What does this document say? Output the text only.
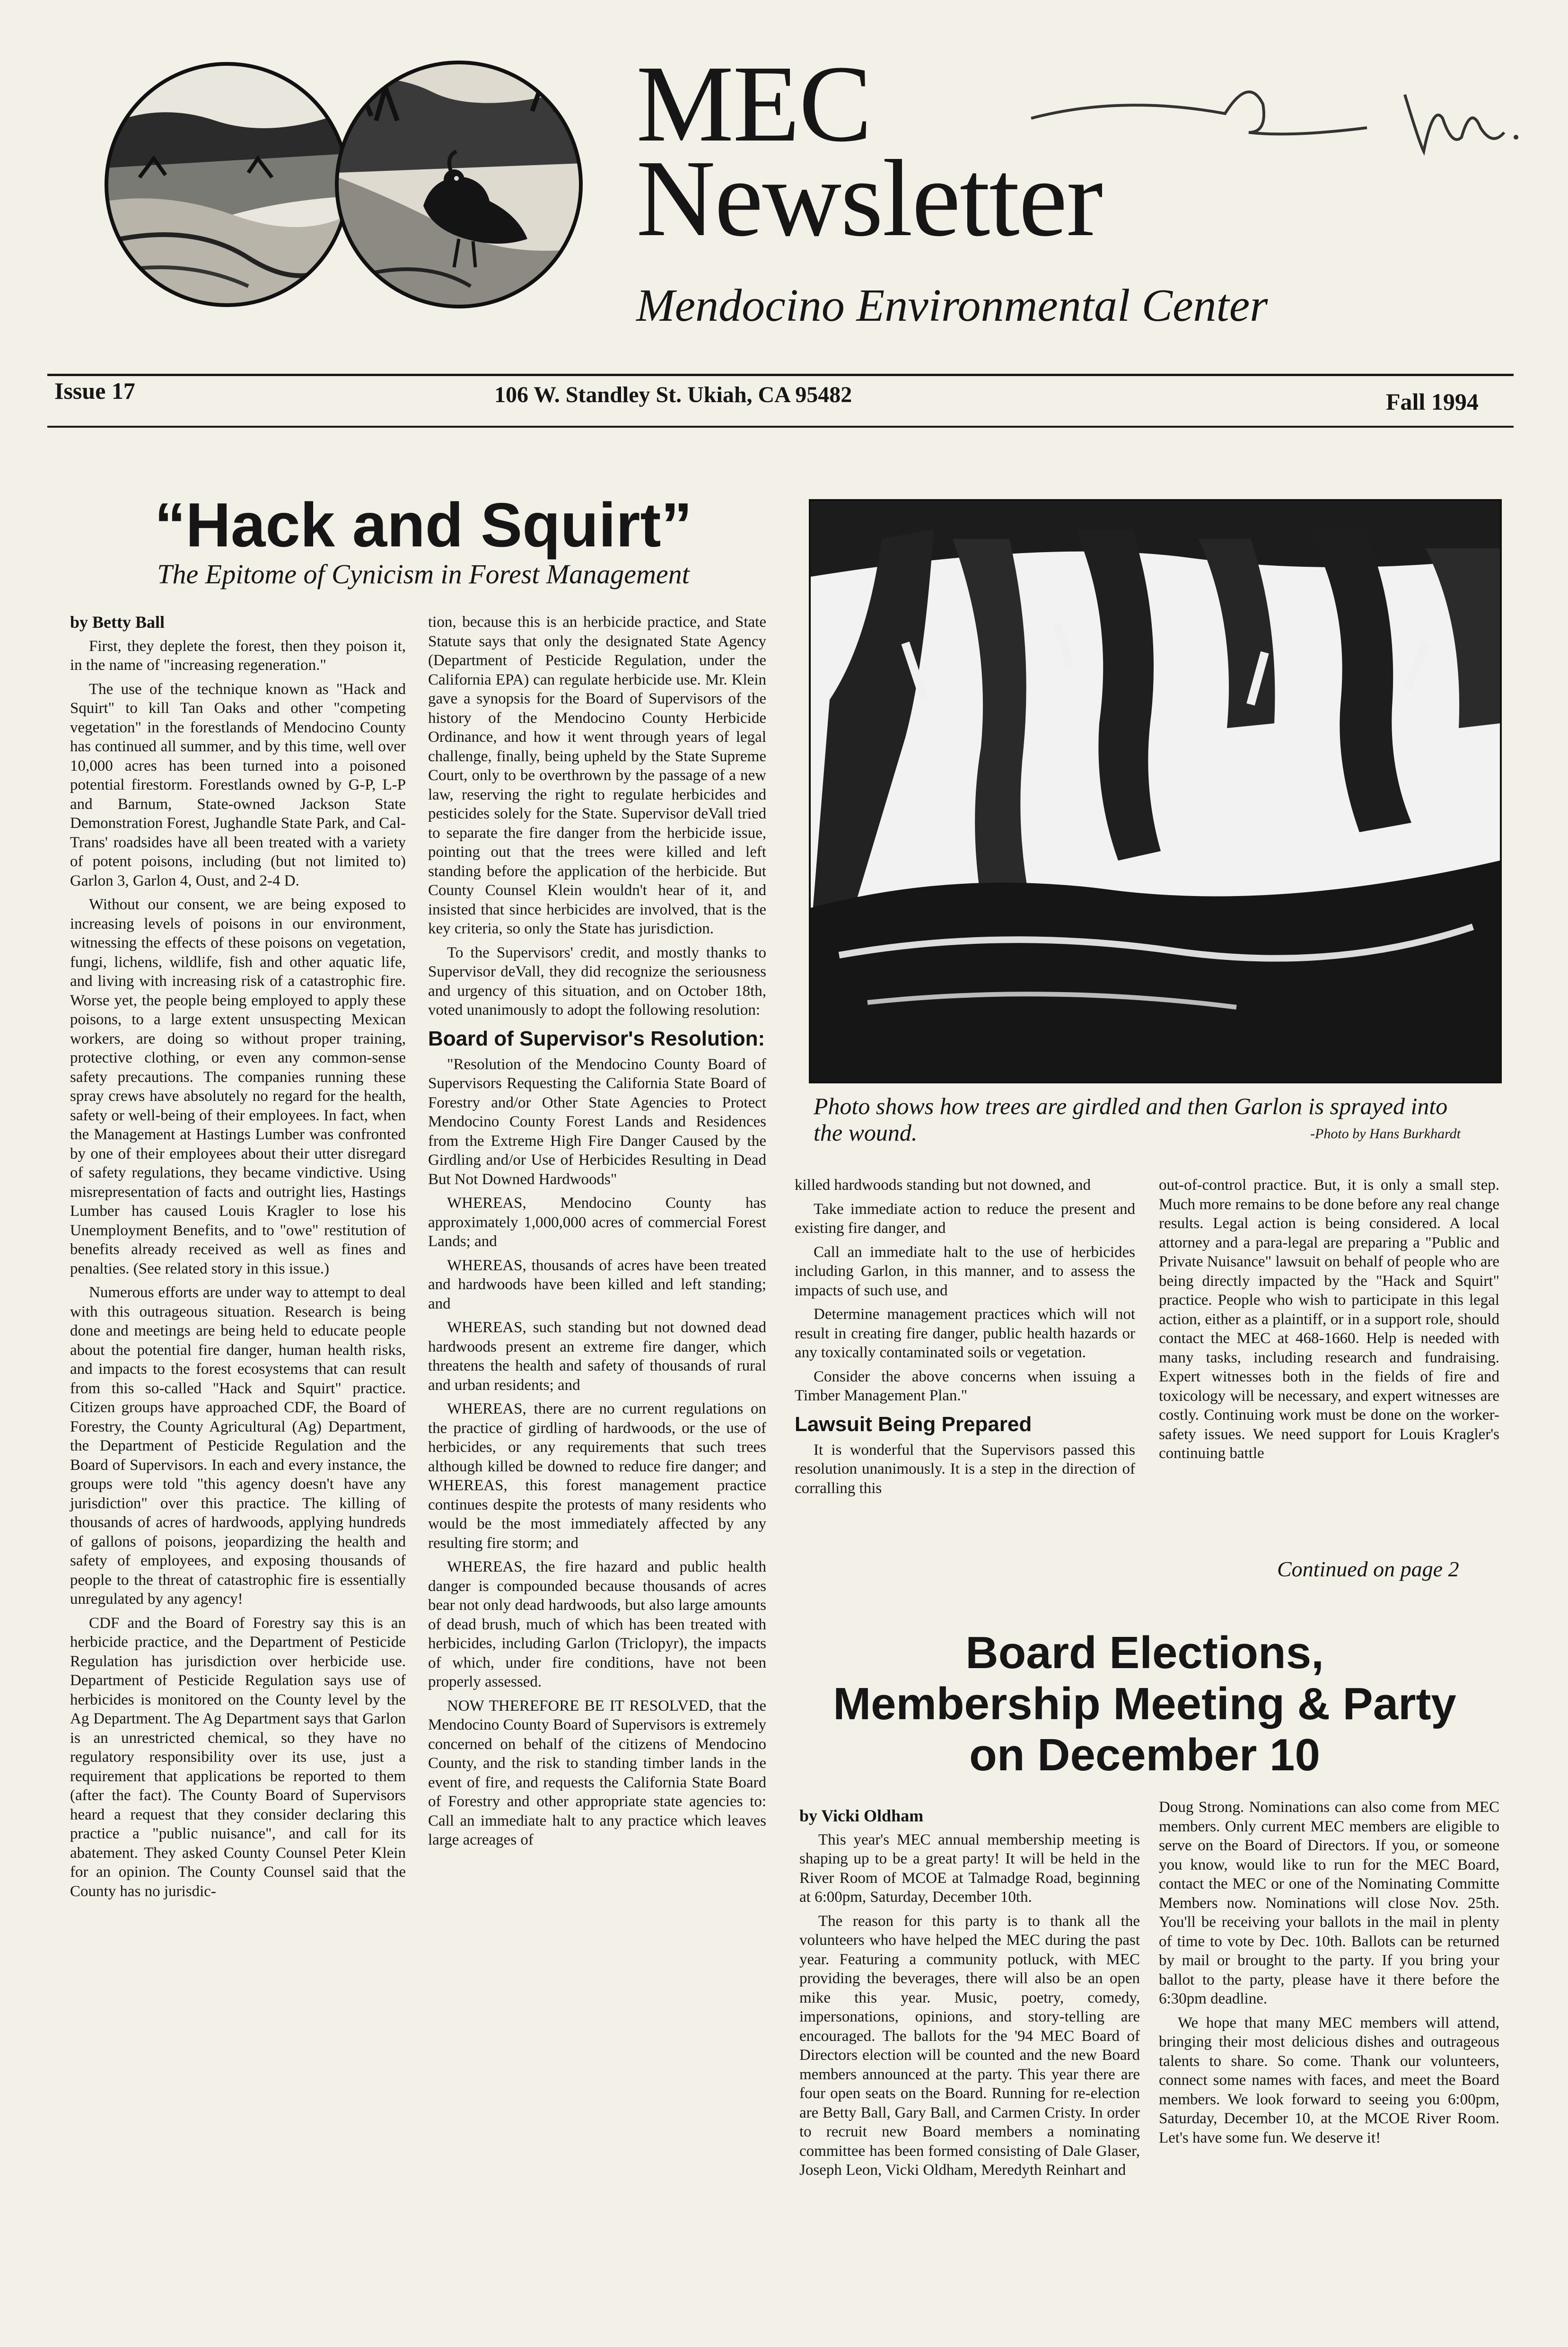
MEC
Newsletter
Mendocino Environmental Center
Issue 17	106 W. Standley St. Ukiah, CA 95482	Fall 1994
“Hack and Squirt”
The Epitome of Cynicism in Forest Management
by Betty Ball

First, they deplete the forest, then they poison it, in the name of "increasing regeneration."

The use of the technique known as "Hack and Squirt" to kill Tan Oaks and other "competing vegetation" in the forestlands of Mendocino County has continued all summer, and by this time, well over 10,000 acres has been turned into a poisoned potential firestorm. Forestlands owned by G-P, L-P and Barnum, State-owned Jackson State Demonstration Forest, Jughandle State Park, and Cal-Trans' roadsides have all been treated with a variety of potent poisons, including (but not limited to) Garlon 3, Garlon 4, Oust, and 2-4 D.

Without our consent, we are being exposed to increasing levels of poisons in our environment, witnessing the effects of these poisons on vegetation, fungi, lichens, wildlife, fish and other aquatic life, and living with increasing risk of a catastrophic fire. Worse yet, the people being employed to apply these poisons, to a large extent unsuspecting Mexican workers, are doing so without proper training, protective clothing, or even any common-sense safety precautions. The companies running these spray crews have absolutely no regard for the health, safety or well-being of their employees. In fact, when the Management at Hastings Lumber was confronted by one of their employees about their utter disregard of safety regulations, they became vindictive. Using misrepresentation of facts and outright lies, Hastings Lumber has caused Louis Kragler to lose his Unemployment Benefits, and to "owe" restitution of benefits already received as well as fines and penalties. (See related story in this issue.)

Numerous efforts are under way to attempt to deal with this outrageous situation. Research is being done and meetings are being held to educate people about the potential fire danger, human health risks, and impacts to the forest ecosystems that can result from this so-called "Hack and Squirt" practice. Citizen groups have approached CDF, the Board of Forestry, the County Agricultural (Ag) Department, the Department of Pesticide Regulation and the Board of Supervisors. In each and every instance, the groups were told "this agency doesn't have any jurisdiction" over this practice. The killing of thousands of acres of hardwoods, applying hundreds of gallons of poisons, jeopardizing the health and safety of employees, and exposing thousands of people to the threat of catastrophic fire is essentially unregulated by any agency!

CDF and the Board of Forestry say this is an herbicide practice, and the Department of Pesticide Regulation has jurisdiction over herbicide use. Department of Pesticide Regulation says use of herbicides is monitored on the County level by the Ag Department. The Ag Department says that Garlon is an unrestricted chemical, so they have no regulatory responsibility over its use, just a requirement that applications be reported to them (after the fact). The County Board of Supervisors heard a request that they consider declaring this practice a "public nuisance", and call for its abatement. They asked County Counsel Peter Klein for an opinion. The County Counsel said that the County has no jurisdic-

tion, because this is an herbicide practice, and State Statute says that only the designated State Agency (Department of Pesticide Regulation, under the California EPA) can regulate herbicide use. Mr. Klein gave a synopsis for the Board of Supervisors of the history of the Mendocino County Herbicide Ordinance, and how it went through years of legal challenge, finally, being upheld by the State Supreme Court, only to be overthrown by the passage of a new law, reserving the right to regulate herbicides and pesticides solely for the State. Supervisor deVall tried to separate the fire danger from the herbicide issue, pointing out that the trees were killed and left standing before the application of the herbicide. But County Counsel Klein wouldn't hear of it, and insisted that since herbicides are involved, that is the key criteria, so only the State has jurisdiction.

To the Supervisors' credit, and mostly thanks to Supervisor deVall, they did recognize the seriousness and urgency of this situation, and on October 18th, voted unanimously to adopt the following resolution:

Board of Supervisor's Resolution:

"Resolution of the Mendocino County Board of Supervisors Requesting the California State Board of Forestry and/or Other State Agencies to Protect Mendocino County Forest Lands and Residences from the Extreme High Fire Danger Caused by the Girdling and/or Use of Herbicides Resulting in Dead But Not Downed Hardwoods"

WHEREAS, Mendocino County has approximately 1,000,000 acres of commercial Forest Lands; and

WHEREAS, thousands of acres have been treated and hardwoods have been killed and left standing; and

WHEREAS, such standing but not downed dead hardwoods present an extreme fire danger, which threatens the health and safety of thousands of rural and urban residents; and

WHEREAS, there are no current regulations on the practice of girdling of hardwoods, or the use of herbicides, or any requirements that such trees although killed be downed to reduce fire danger; and WHEREAS, this forest management practice continues despite the protests of many residents who would be the most immediately affected by any resulting fire storm; and

WHEREAS, the fire hazard and public health danger is compounded because thousands of acres bear not only dead hardwoods, but also large amounts of dead brush, much of which has been treated with herbicides, including Garlon (Triclopyr), the impacts of which, under fire conditions, have not been properly assessed.

NOW THEREFORE BE IT RESOLVED, that the Mendocino County Board of Supervisors is extremely concerned on behalf of the citizens of Mendocino County, and the risk to standing timber lands in the event of fire, and requests the California State Board of Forestry and other appropriate state agencies to: Call an immediate halt to any practice which leaves large acreages of

Photo shows how trees are girdled and then Garlon is sprayed into the wound.	-Photo by Hans Burkhardt

killed hardwoods standing but not downed, and

Take immediate action to reduce the present and existing fire danger, and

Call an immediate halt to the use of herbicides including Garlon, in this manner, and to assess the impacts of such use, and

Determine management practices which will not result in creating fire danger, public health hazards or any toxically contaminated soils or vegetation.

Consider the above concerns when issuing a Timber Management Plan."

Lawsuit Being Prepared

It is wonderful that the Supervisors passed this resolution unanimously. It is a step in the direction of corralling this

out-of-control practice. But, it is only a small step. Much more remains to be done before any real change results. Legal action is being considered. A local attorney and a para-legal are preparing a "Public and Private Nuisance" lawsuit on behalf of people who are being directly impacted by the "Hack and Squirt" practice. People who wish to participate in this legal action, either as a plaintiff, or in a support role, should contact the MEC at 468-1660. Help is needed with many tasks, including research and fundraising. Expert witnesses both in the fields of fire and toxicology will be necessary, and expert witnesses are costly. Continuing work must be done on the worker-safety issues. We need support for Louis Kragler's continuing battle

Continued on page 2
Board Elections,
Membership Meeting & Party
on December 10
by Vicki Oldham

This year's MEC annual membership meeting is shaping up to be a great party! It will be held in the River Room of MCOE at Talmadge Road, beginning at 6:00pm, Saturday, December 10th.

The reason for this party is to thank all the volunteers who have helped the MEC during the past year. Featuring a community potluck, with MEC providing the beverages, there will also be an open mike this year. Music, poetry, comedy, impersonations, opinions, and story-telling are encouraged. The ballots for the '94 MEC Board of Directors election will be counted and the new Board members announced at the party. This year there are four open seats on the Board. Running for re-election are Betty Ball, Gary Ball, and Carmen Cristy. In order to recruit new Board members a nominating committee has been formed consisting of Dale Glaser, Joseph Leon, Vicki Oldham, Meredyth Reinhart and

Doug Strong. Nominations can also come from MEC members. Only current MEC members are eligible to serve on the Board of Directors. If you, or someone you know, would like to run for the MEC Board, contact the MEC or one of the Nominating Committe Members now. Nominations will close Nov. 25th. You'll be receiving your ballots in the mail in plenty of time to vote by Dec. 10th. Ballots can be returned by mail or brought to the party. If you bring your ballot to the party, please have it there before the 6:30pm deadline.

We hope that many MEC members will attend, bringing their most delicious dishes and outrageous talents to share. So come. Thank our volunteers, connect some names with faces, and meet the Board members. We look forward to seeing you 6:00pm, Saturday, December 10, at the MCOE River Room. Let's have some fun. We deserve it!
